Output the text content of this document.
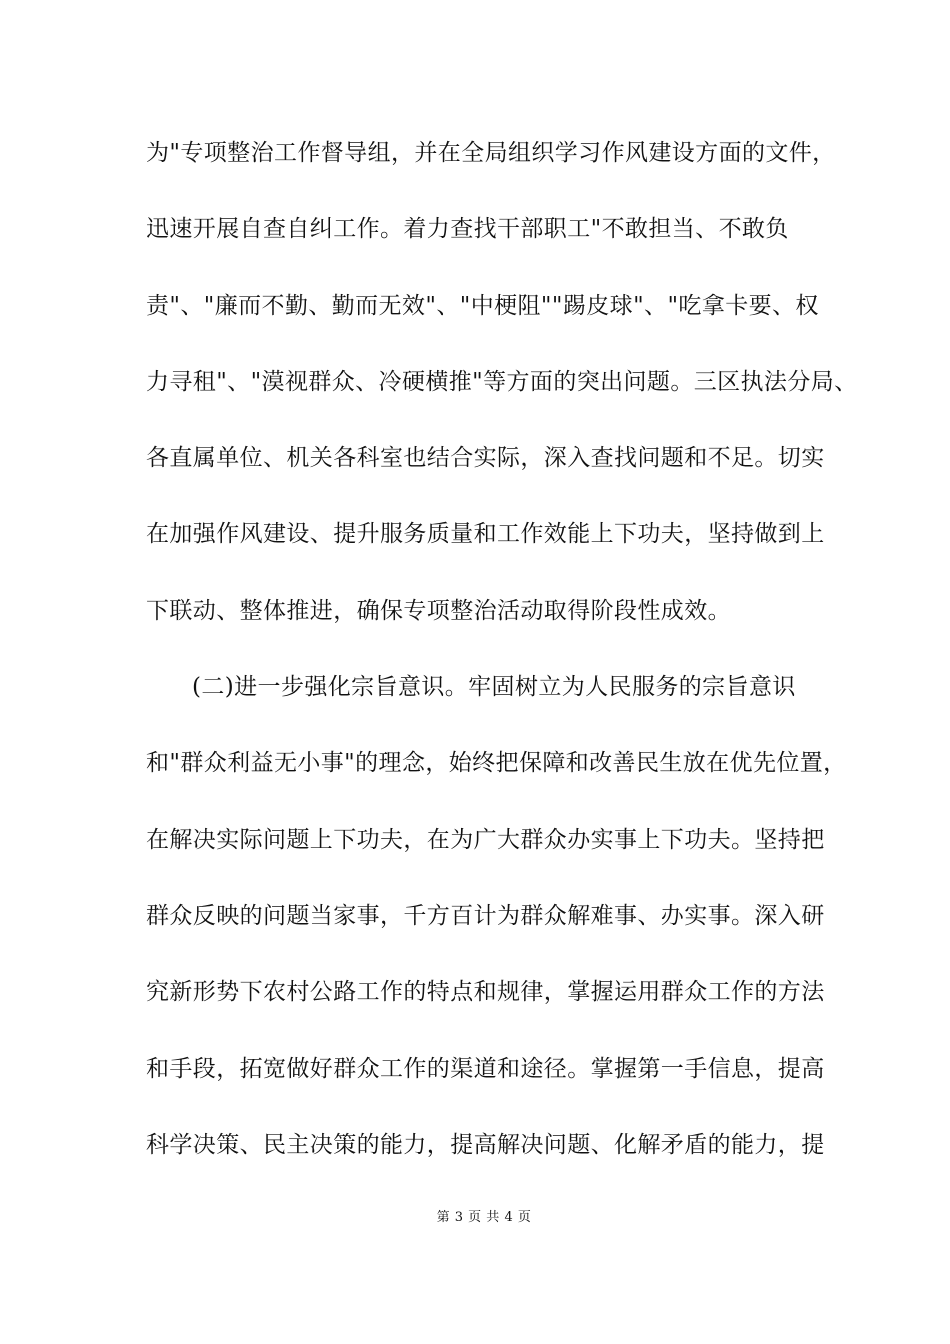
为"专项整治工作督导组，并在全局组织学习作风建设方面的文件，
迅速开展自查自纠工作。着力查找干部职工"不敢担当、不敢负
责"、"廉而不勤、勤而无效"、"中梗阻""踢皮球"、"吃拿卡要、权
力寻租"、"漠视群众、冷硬横推"等方面的突出问题。三区执法分局、
各直属单位、机关各科室也结合实际，深入查找问题和不足。切实
在加强作风建设、提升服务质量和工作效能上下功夫，坚持做到上
下联动、整体推进，确保专项整治活动取得阶段性成效。
(二)进一步强化宗旨意识。牢固树立为人民服务的宗旨意识
和"群众利益无小事"的理念，始终把保障和改善民生放在优先位置，
在解决实际问题上下功夫，在为广大群众办实事上下功夫。坚持把
群众反映的问题当家事，千方百计为群众解难事、办实事。深入研
究新形势下农村公路工作的特点和规律，掌握运用群众工作的方法
和手段，拓宽做好群众工作的渠道和途径。掌握第一手信息，提高
科学决策、民主决策的能力，提高解决问题、化解矛盾的能力，提
第 3 页 共 4 页
